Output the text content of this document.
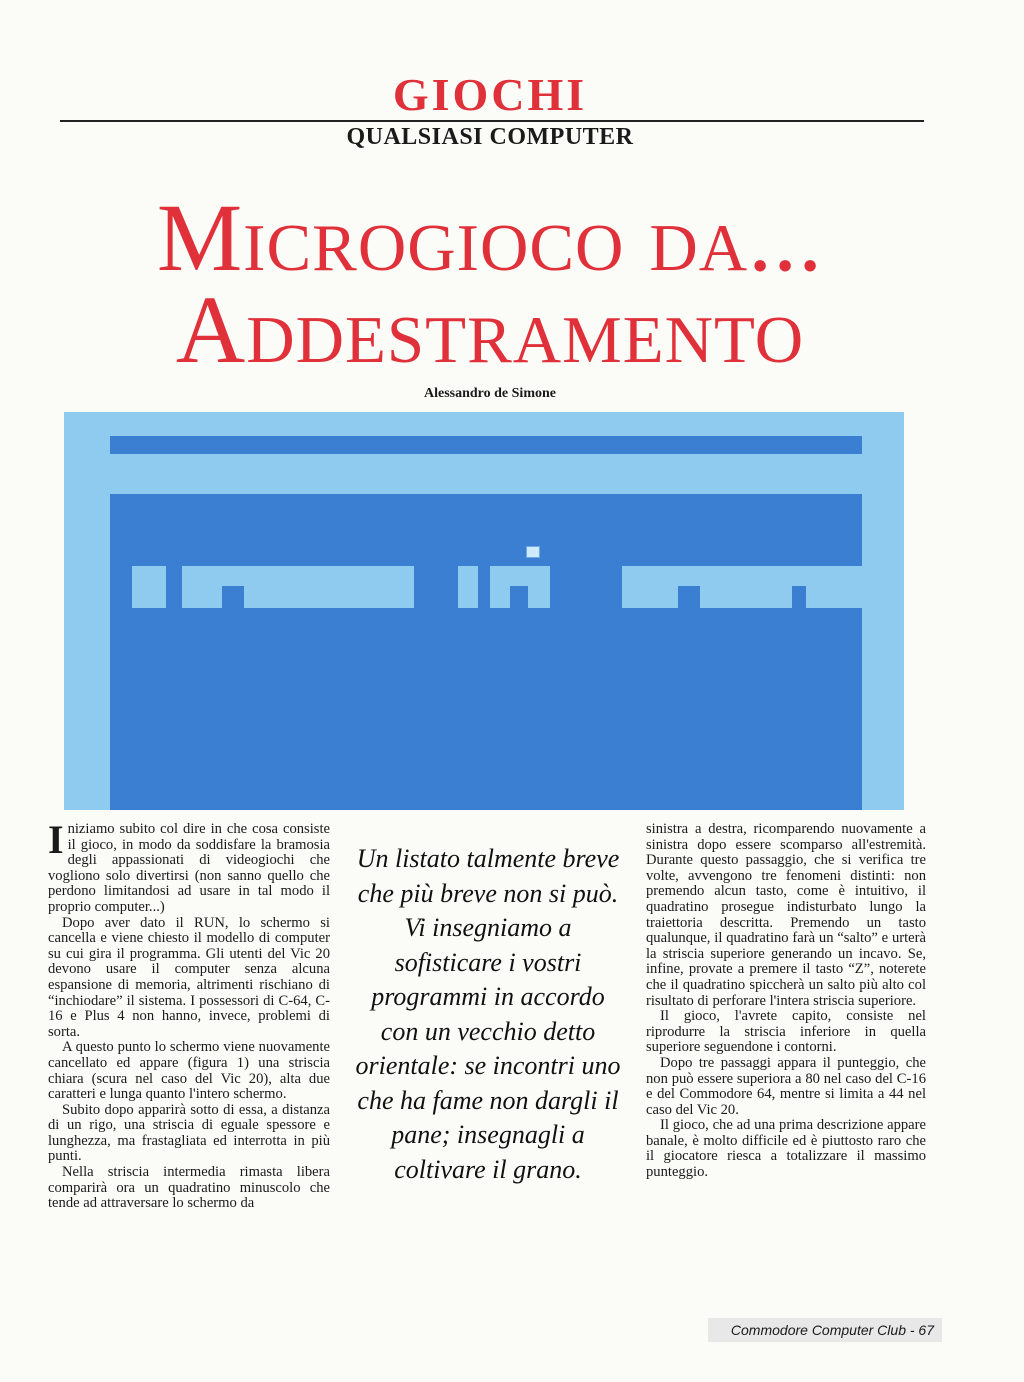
GIOCHI
QUALSIASI COMPUTER
Microgioco da...
Addestramento
Alessandro de Simone

Iniziamo subito col dire in che cosa consiste il gioco, in modo da soddisfare la bramosia degli appassionati di videogiochi che vogliono solo divertirsi (non sanno quello che perdono limitandosi ad usare in tal modo il proprio computer...)

Dopo aver dato il RUN, lo schermo si cancella e viene chiesto il modello di computer su cui gira il programma. Gli utenti del Vic 20 devono usare il computer senza alcuna espansione di memoria, altrimenti rischiano di “inchiodare” il sistema. I possessori di C-64, C-16 e Plus 4 non hanno, invece, problemi di sorta.

A questo punto lo schermo viene nuovamente cancellato ed appare (figura 1) una striscia chiara (scura nel caso del Vic 20), alta due caratteri e lunga quanto l'intero schermo.

Subito dopo apparirà sotto di essa, a distanza di un rigo, una striscia di eguale spessore e lunghezza, ma frastagliata ed interrotta in più punti.

Nella striscia intermedia rimasta libera comparirà ora un quadratino minuscolo che tende ad attraversare lo schermo da

Un listato talmente breve che più breve non si può. Vi insegniamo a sofisticare i vostri programmi in accordo con un vecchio detto orientale: se incontri uno che ha fame non dargli il pane; insegnagli a coltivare il grano.

sinistra a destra, ricomparendo nuovamente a sinistra dopo essere scomparso all'estremità. Durante questo passaggio, che si verifica tre volte, avvengono tre fenomeni distinti: non premendo alcun tasto, come è intuitivo, il quadratino prosegue indisturbato lungo la traiettoria descritta. Premendo un tasto qualunque, il quadratino farà un “salto” e urterà la striscia superiore generando un incavo. Se, infine, provate a premere il tasto “Z”, noterete che il quadratino spiccherà un salto più alto col risultato di perforare l'intera striscia superiore.

Il gioco, l'avrete capito, consiste nel riprodurre la striscia inferiore in quella superiore seguendone i contorni.

Dopo tre passaggi appara il punteggio, che non può essere superiora a 80 nel caso del C-16 e del Commodore 64, mentre si limita a 44 nel caso del Vic 20.

Il gioco, che ad una prima descrizione appare banale, è molto difficile ed è piuttosto raro che il giocatore riesca a totalizzare il massimo punteggio.

Commodore Computer Club - 67
